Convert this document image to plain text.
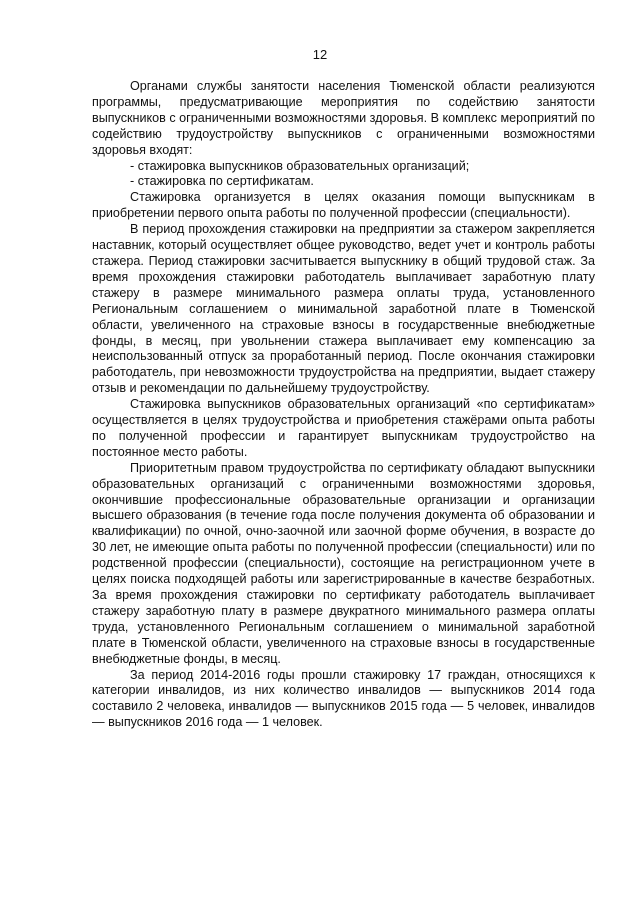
12

Органами службы занятости населения Тюменской области реализуются программы, предусматривающие мероприятия по содействию занятости выпускников с ограниченными возможностями здоровья. В комплекс мероприятий по содействию трудоустройству выпускников с ограниченными возможностями здоровья входят:

- стажировка выпускников образовательных организаций;

- стажировка по сертификатам.

Стажировка организуется в целях оказания помощи выпускникам в приобретении первого опыта работы по полученной профессии (специальности).

В период прохождения стажировки на предприятии за стажером закрепляется наставник, который осуществляет общее руководство, ведет учет и контроль работы стажера. Период стажировки засчитывается выпускнику в общий трудовой стаж. За время прохождения стажировки работодатель выплачивает заработную плату стажеру в размере минимального размера оплаты труда, установленного Региональным соглашением о минимальной заработной плате в Тюменской области, увеличенного на страховые взносы в государственные внебюджетные фонды, в месяц, при увольнении стажера выплачивает ему компенсацию за неиспользованный отпуск за проработанный период. После окончания стажировки работодатель, при невозможности трудоустройства на предприятии, выдает стажеру отзыв и рекомендации по дальнейшему трудоустройству.

Стажировка выпускников образовательных организаций «по сертификатам» осуществляется в целях трудоустройства и приобретения стажёрами опыта работы по полученной профессии и гарантирует выпускникам трудоустройство на постоянное место работы.

Приоритетным правом трудоустройства по сертификату обладают выпускники образовательных организаций с ограниченными возможностями здоровья, окончившие профессиональные образовательные организации и организации высшего образования (в течение года после получения документа об образовании и квалификации) по очной, очно-заочной или заочной форме обучения, в возрасте до 30 лет, не имеющие опыта работы по полученной профессии (специальности) или по родственной профессии (специальности), состоящие на регистрационном учете в целях поиска подходящей работы или зарегистрированные в качестве безработных. За время прохождения стажировки по сертификату работодатель выплачивает стажеру заработную плату в размере двукратного минимального размера оплаты труда, установленного Региональным соглашением о минимальной заработной плате в Тюменской области, увеличенного на страховые взносы в государственные внебюджетные фонды, в месяц.

За период 2014-2016 годы прошли стажировку 17 граждан, относящихся к категории инвалидов, из них количество инвалидов — выпускников 2014 года составило 2 человека, инвалидов — выпускников 2015 года — 5 человек, инвалидов — выпускников 2016 года — 1 человек.
